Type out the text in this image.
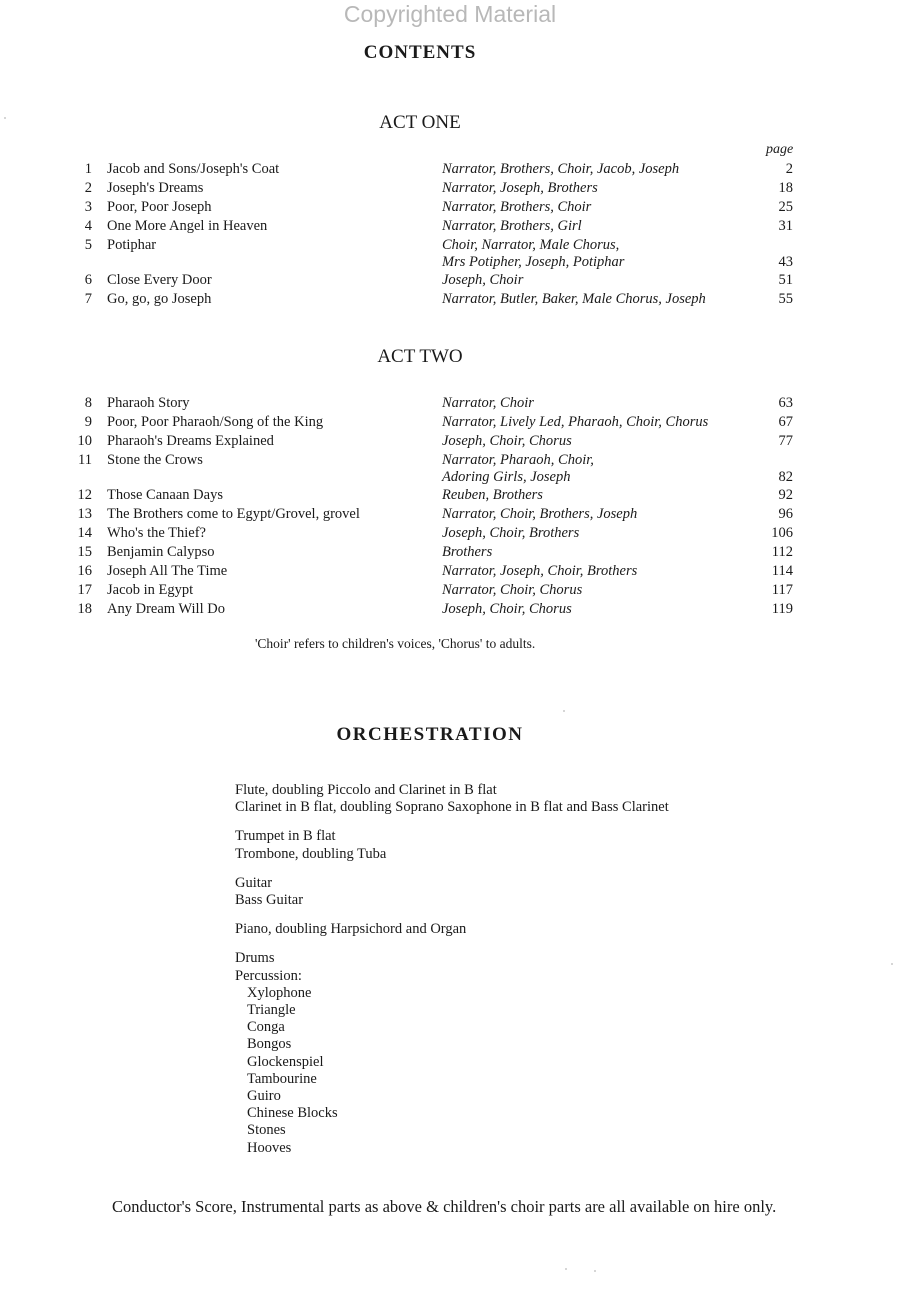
Copyrighted Material
CONTENTS
ACT ONE
page
1 Jacob and Sons/Joseph's Coat	Narrator, Brothers, Choir, Jacob, Joseph	2
2 Joseph's Dreams	Narrator, Joseph, Brothers	18
3 Poor, Poor Joseph	Narrator, Brothers, Choir	25
4 One More Angel in Heaven	Narrator, Brothers, Girl	31
5 Potiphar	Choir, Narrator, Male Chorus,
Mrs Potipher, Joseph, Potiphar	43
6 Close Every Door	Joseph, Choir	51
7 Go, go, go Joseph	Narrator, Butler, Baker, Male Chorus, Joseph	55
ACT TWO
8 Pharaoh Story	Narrator, Choir	63
9 Poor, Poor Pharaoh/Song of the King	Narrator, Lively Led, Pharaoh, Choir, Chorus	67
10 Pharaoh's Dreams Explained	Joseph, Choir, Chorus	77
11 Stone the Crows	Narrator, Pharaoh, Choir,
Adoring Girls, Joseph	82
12 Those Canaan Days	Reuben, Brothers	92
13 The Brothers come to Egypt/Grovel, grovel	Narrator, Choir, Brothers, Joseph	96
14 Who's the Thief?	Joseph, Choir, Brothers	106
15 Benjamin Calypso	Brothers	112
16 Joseph All The Time	Narrator, Joseph, Choir, Brothers	114
17 Jacob in Egypt	Narrator, Choir, Chorus	117
18 Any Dream Will Do	Joseph, Choir, Chorus	119
'Choir' refers to children's voices, 'Chorus' to adults.
ORCHESTRATION
Flute, doubling Piccolo and Clarinet in B flat
Clarinet in B flat, doubling Soprano Saxophone in B flat and Bass Clarinet
Trumpet in B flat
Trombone, doubling Tuba
Guitar
Bass Guitar
Piano, doubling Harpsichord and Organ
Drums
Percussion:
Xylophone
Triangle
Conga
Bongos
Glockenspiel
Tambourine
Guiro
Chinese Blocks
Stones
Hooves
Conductor's Score, Instrumental parts as above & children's choir parts are all available on hire only.
